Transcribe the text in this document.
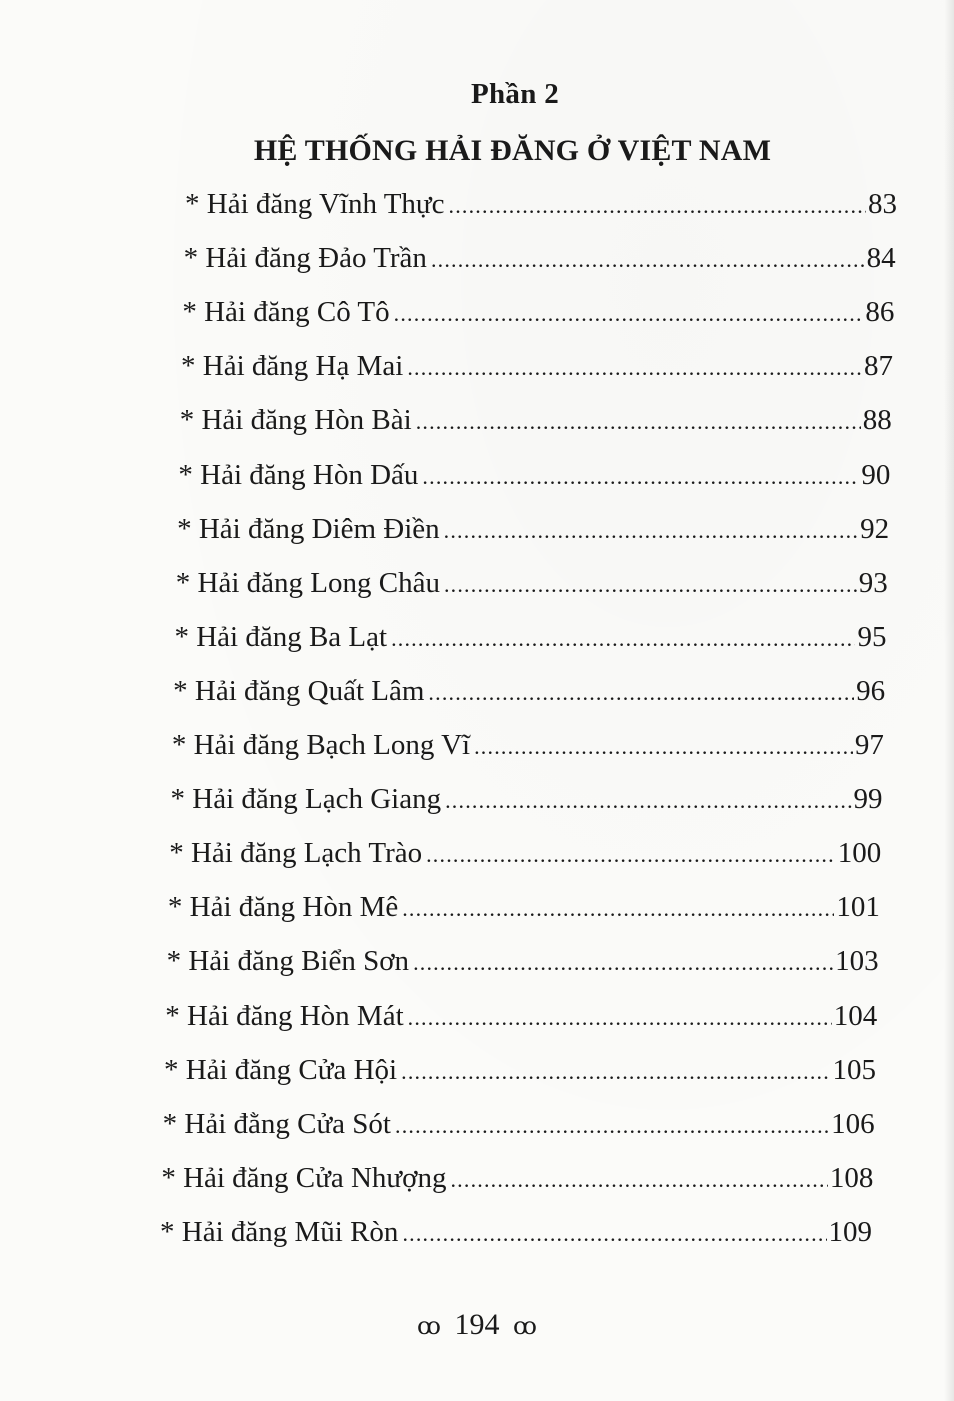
Phần 2
HỆ THỐNG HẢI ĐĂNG Ở VIỆT NAM
* Hải đăng Vĩnh Thực .....	83
* Hải đăng Đảo Trần .....	84
* Hải đăng Cô Tô .....	86
* Hải đăng Hạ Mai .....	87
* Hải đăng Hòn Bài .....	88
* Hải đăng Hòn Dấu .....	90
* Hải đăng Diêm Điền .....	92
* Hải đăng Long Châu .....	93
* Hải đăng Ba Lạt .....	95
* Hải đăng Quất Lâm .....	96
* Hải đăng Bạch Long Vĩ .....	97
* Hải đăng Lạch Giang .....	99
* Hải đăng Lạch Trào .....	100
* Hải đăng Hòn Mê .....	101
* Hải đăng Biển Sơn .....	103
* Hải đăng Hòn Mát .....	104
* Hải đăng Cửa Hội .....	105
* Hải đằng Cửa Sót .....	106
* Hải đăng Cửa Nhượng .....	108
* Hải đăng Mũi Ròn .....	109
ꝏ 194 ꝏ
